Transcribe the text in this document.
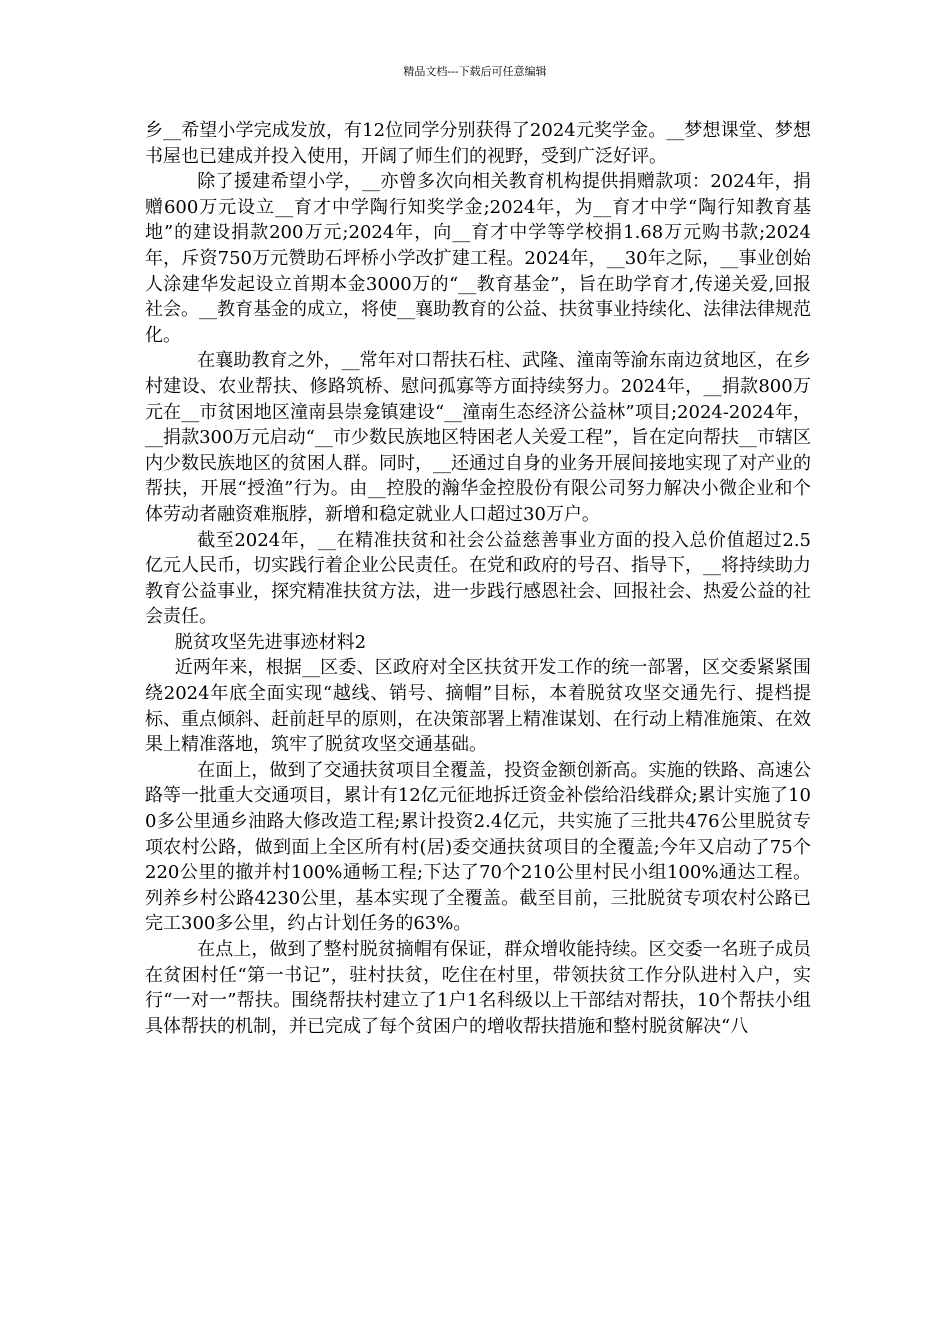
精品文档---下载后可任意编辑

乡__希望小学完成发放，有12位同学分别获得了2024元奖学金。__梦想课堂、梦想书屋也已建成并投入使用，开阔了师生们的视野，受到广泛好评。

除了援建希望小学，__亦曾多次向相关教育机构提供捐赠款项：2024年，捐赠600万元设立__育才中学陶行知奖学金;2024年，为__育才中学“陶行知教育基地”的建设捐款200万元;2024年，向__育才中学等学校捐1.68万元购书款;2024年，斥资750万元赞助石坪桥小学改扩建工程。2024年，__30年之际，__事业创始人涂建华发起设立首期本金3000万的“__教育基金”，旨在助学育才,传递关爱,回报社会。__教育基金的成立，将使__襄助教育的公益、扶贫事业持续化、法律法律规范化。

在襄助教育之外，__常年对口帮扶石柱、武隆、潼南等渝东南边贫地区，在乡村建设、农业帮扶、修路筑桥、慰问孤寡等方面持续努力。2024年，__捐款800万元在__市贫困地区潼南县崇龛镇建设“__潼南生态经济公益林”项目;2024-2024年，__捐款300万元启动“__市少数民族地区特困老人关爱工程”，旨在定向帮扶__市辖区内少数民族地区的贫困人群。同时，__还通过自身的业务开展间接地实现了对产业的帮扶，开展“授渔”行为。由__控股的瀚华金控股份有限公司努力解决小微企业和个体劳动者融资难瓶脖，新增和稳定就业人口超过30万户。

截至2024年，__在精准扶贫和社会公益慈善事业方面的投入总价值超过2.5亿元人民币，切实践行着企业公民责任。在党和政府的号召、指导下，__将持续助力教育公益事业，探究精准扶贫方法，进一步践行感恩社会、回报社会、热爱公益的社会责任。

脱贫攻坚先进事迹材料2

近两年来，根据__区委、区政府对全区扶贫开发工作的统一部署，区交委紧紧围绕2024年底全面实现“越线、销号、摘帽”目标，本着脱贫攻坚交通先行、提档提标、重点倾斜、赶前赶早的原则，在决策部署上精准谋划、在行动上精准施策、在效果上精准落地，筑牢了脱贫攻坚交通基础。

在面上，做到了交通扶贫项目全覆盖，投资金额创新高。实施的铁路、高速公路等一批重大交通项目，累计有12亿元征地拆迁资金补偿给沿线群众;累计实施了100多公里通乡油路大修改造工程;累计投资2.4亿元，共实施了三批共476公里脱贫专项农村公路，做到面上全区所有村(居)委交通扶贫项目的全覆盖;今年又启动了75个220公里的撤并村100%通畅工程;下达了70个210公里村民小组100%通达工程。列养乡村公路4230公里，基本实现了全覆盖。截至目前，三批脱贫专项农村公路已完工300多公里，约占计划任务的63%。

在点上，做到了整村脱贫摘帽有保证，群众增收能持续。区交委一名班子成员在贫困村任“第一书记”，驻村扶贫，吃住在村里，带领扶贫工作分队进村入户，实行“一对一”帮扶。围绕帮扶村建立了1户1名科级以上干部结对帮扶，10个帮扶小组具体帮扶的机制，并已完成了每个贫困户的增收帮扶措施和整村脱贫解决“八
